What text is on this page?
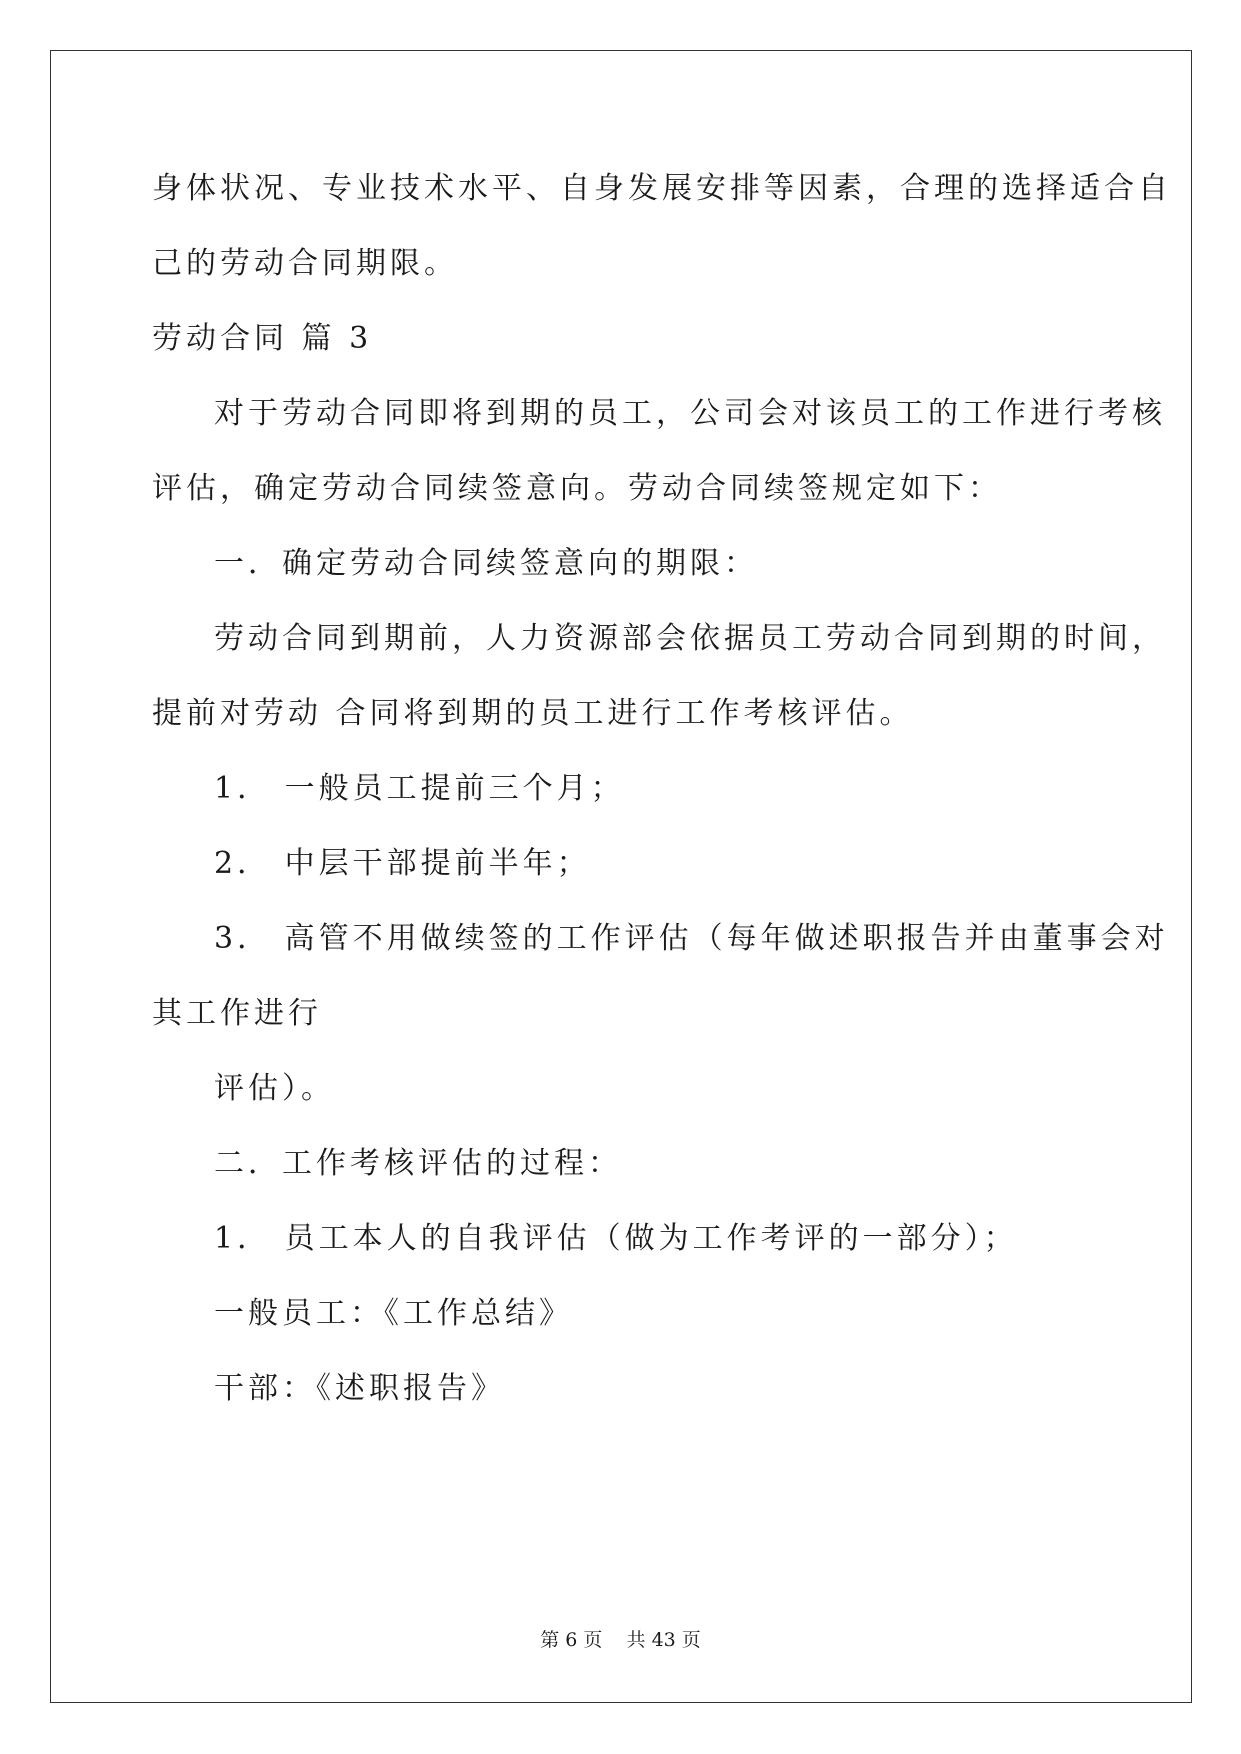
身体状况、专业技术水平、自身发展安排等因素，合理的选择适合自

己的劳动合同期限。

劳动合同 篇 3

对于劳动合同即将到期的员工，公司会对该员工的工作进行考核

评估，确定劳动合同续签意向。劳动合同续签规定如下：

一．确定劳动合同续签意向的期限：

劳动合同到期前，人力资源部会依据员工劳动合同到期的时间，

提前对劳动 合同将到期的员工进行工作考核评估。

1． 一般员工提前三个月；

2． 中层干部提前半年；

3． 高管不用做续签的工作评估（每年做述职报告并由董事会对

其工作进行

评估）。

二．工作考核评估的过程：

1． 员工本人的自我评估（做为工作考评的一部分）；

一般员工：《工作总结》

干部：《述职报告》

第 6 页    共 43 页
